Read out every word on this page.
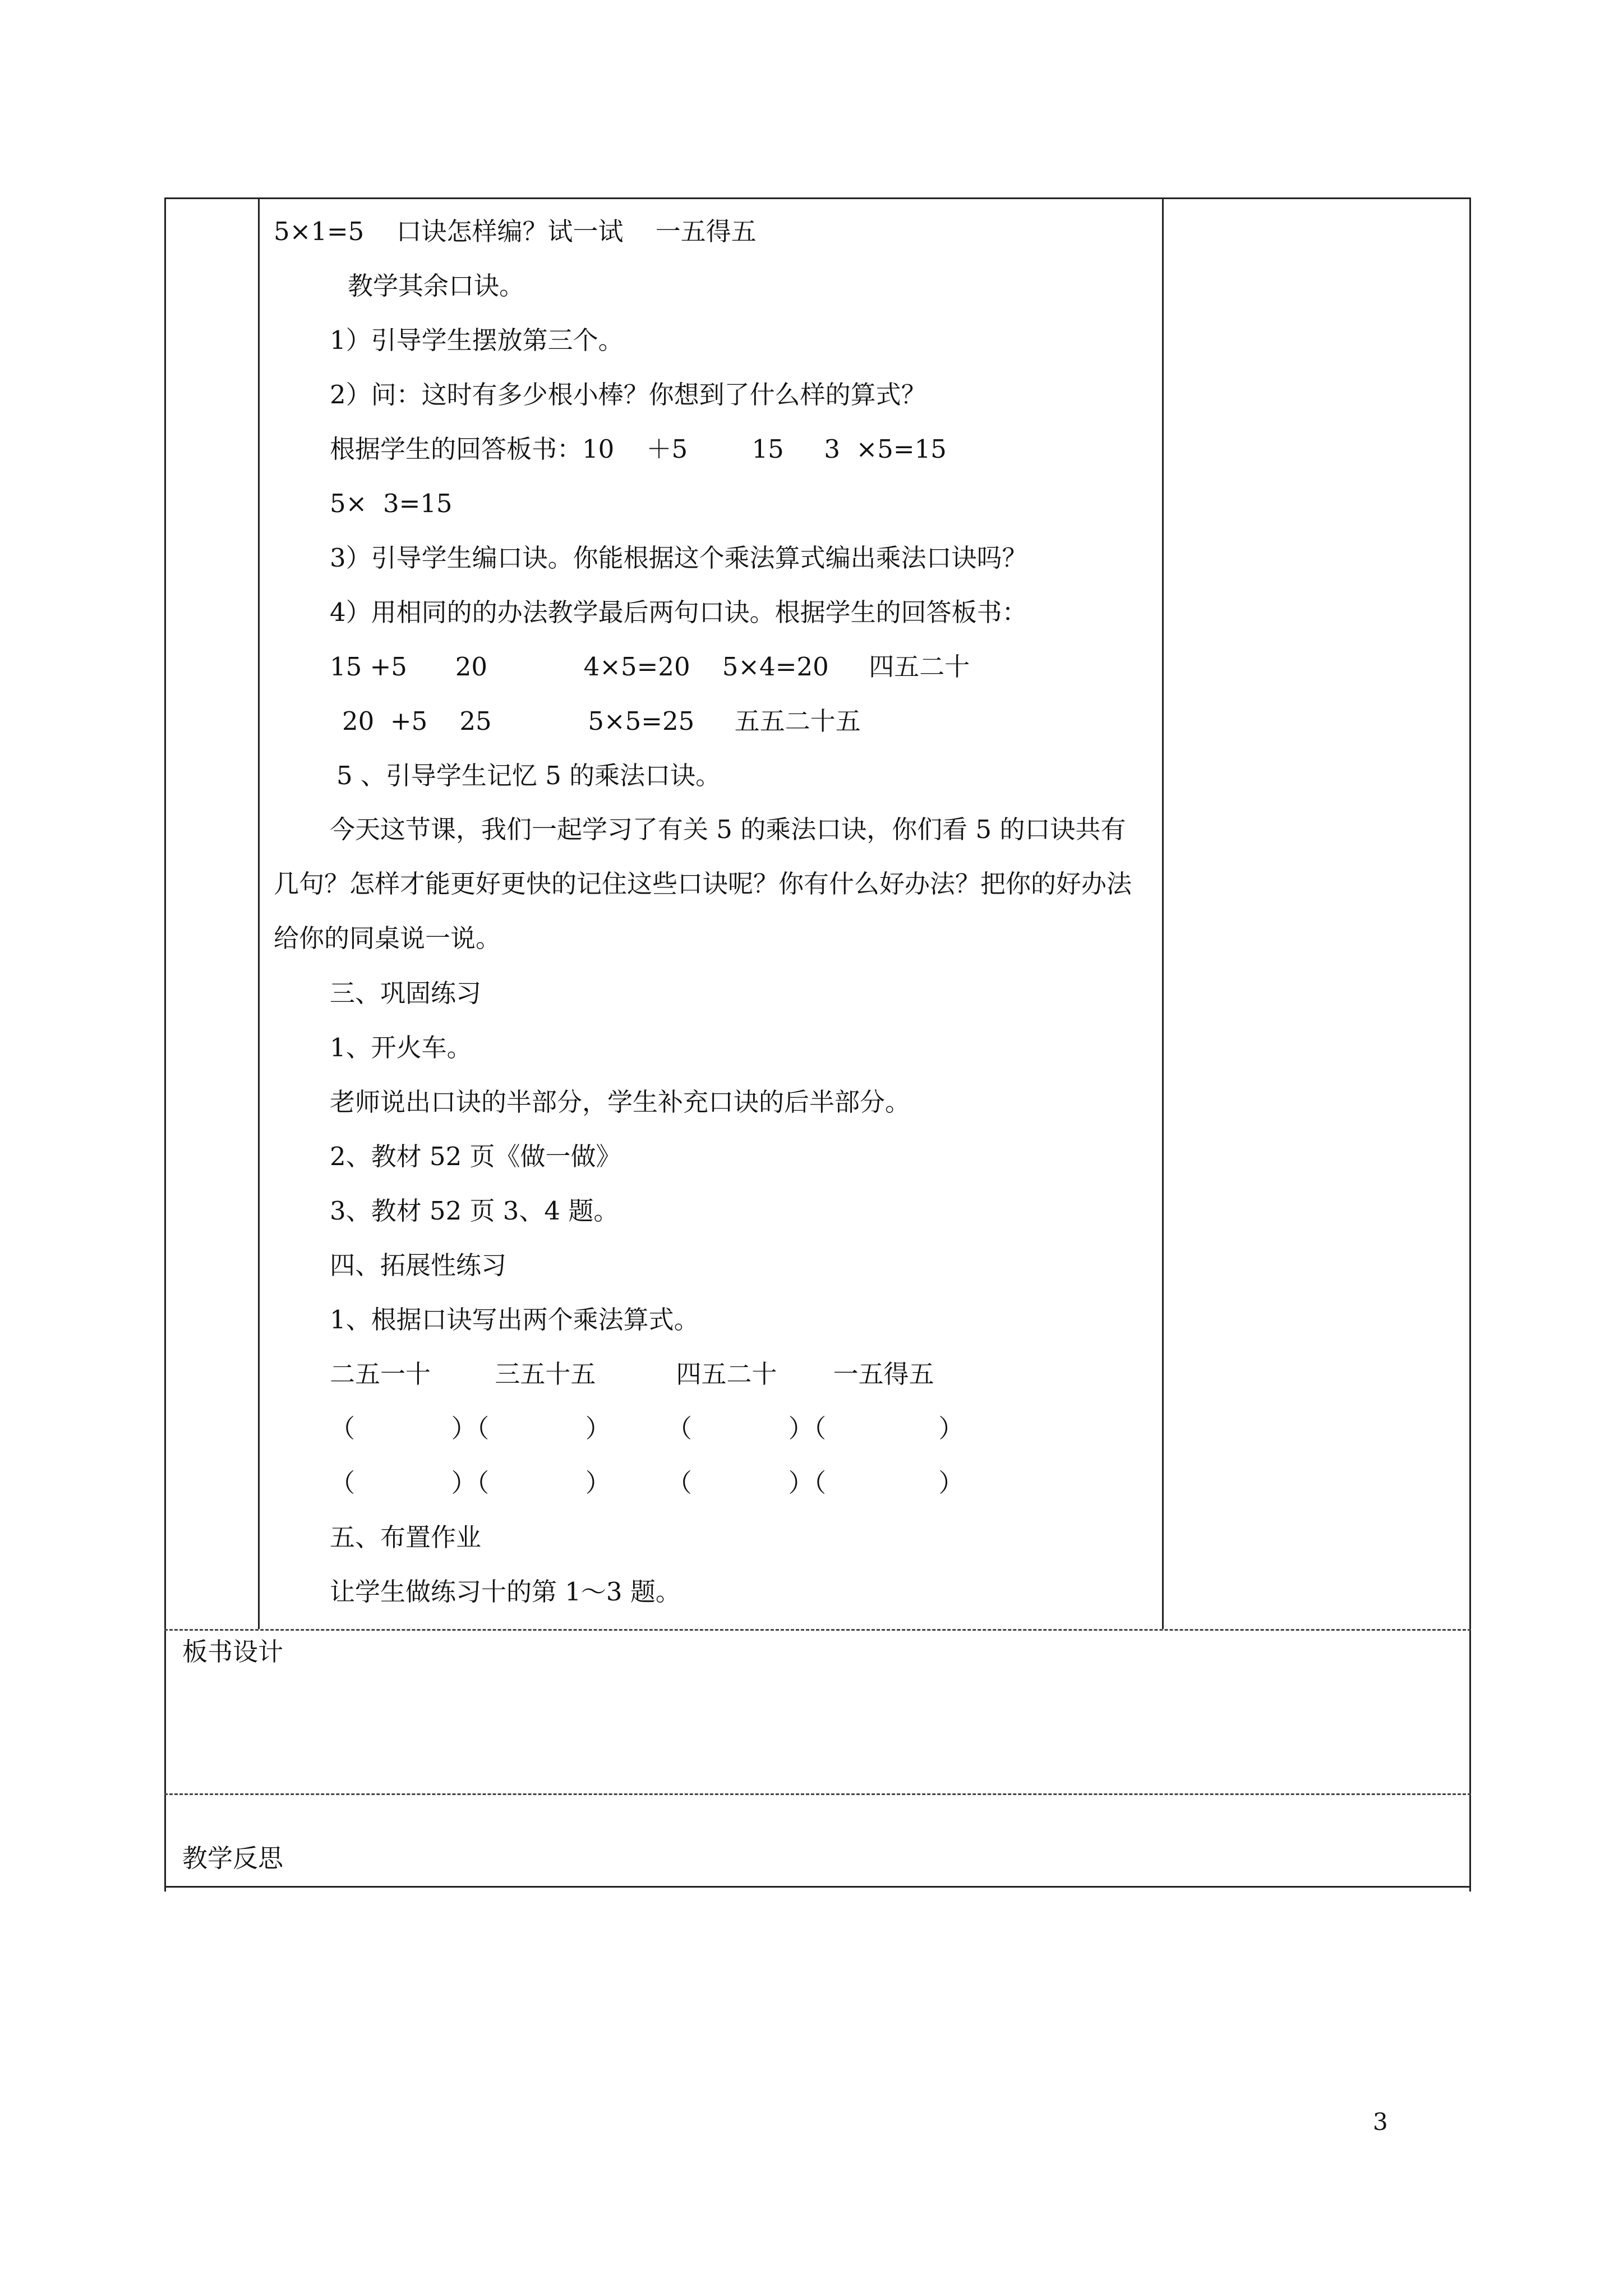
5×1=5    口诀怎样编？试一试    一五得五
教学其余口诀。
1）引导学生摆放第三个。
2）问：这时有多少根小棒？你想到了什么样的算式？
根据学生的回答板书：10    ＋5        15     3  ×5=15
5×  3=15
3）引导学生编口诀。你能根据这个乘法算式编出乘法口诀吗？
4）用相同的的办法教学最后两句口诀。根据学生的回答板书：
15 +5      20            4×5=20    5×4=20     四五二十
20  +5    25            5×5=25     五五二十五
5 、引导学生记忆 5 的乘法口诀。
今天这节课，我们一起学习了有关 5 的乘法口诀，你们看 5 的口诀共有几句？怎样才能更好更快的记住这些口诀呢？你有什么好办法？把你的好办法给你的同桌说一说。
三、巩固练习
1、开火车。
老师说出口诀的半部分，学生补充口诀的后半部分。
2、教材 52 页《做一做》
3、教材 52 页 3、4 题。
四、拓展性练习
1、根据口诀写出两个乘法算式。
二五一十        三五十五          四五二十       一五得五
（            ）（            ）       （            ）（              ）
（            ）（            ）       （            ）（              ）
五、布置作业
让学生做练习十的第 1～3 题。
板书设计
教学反思
3
